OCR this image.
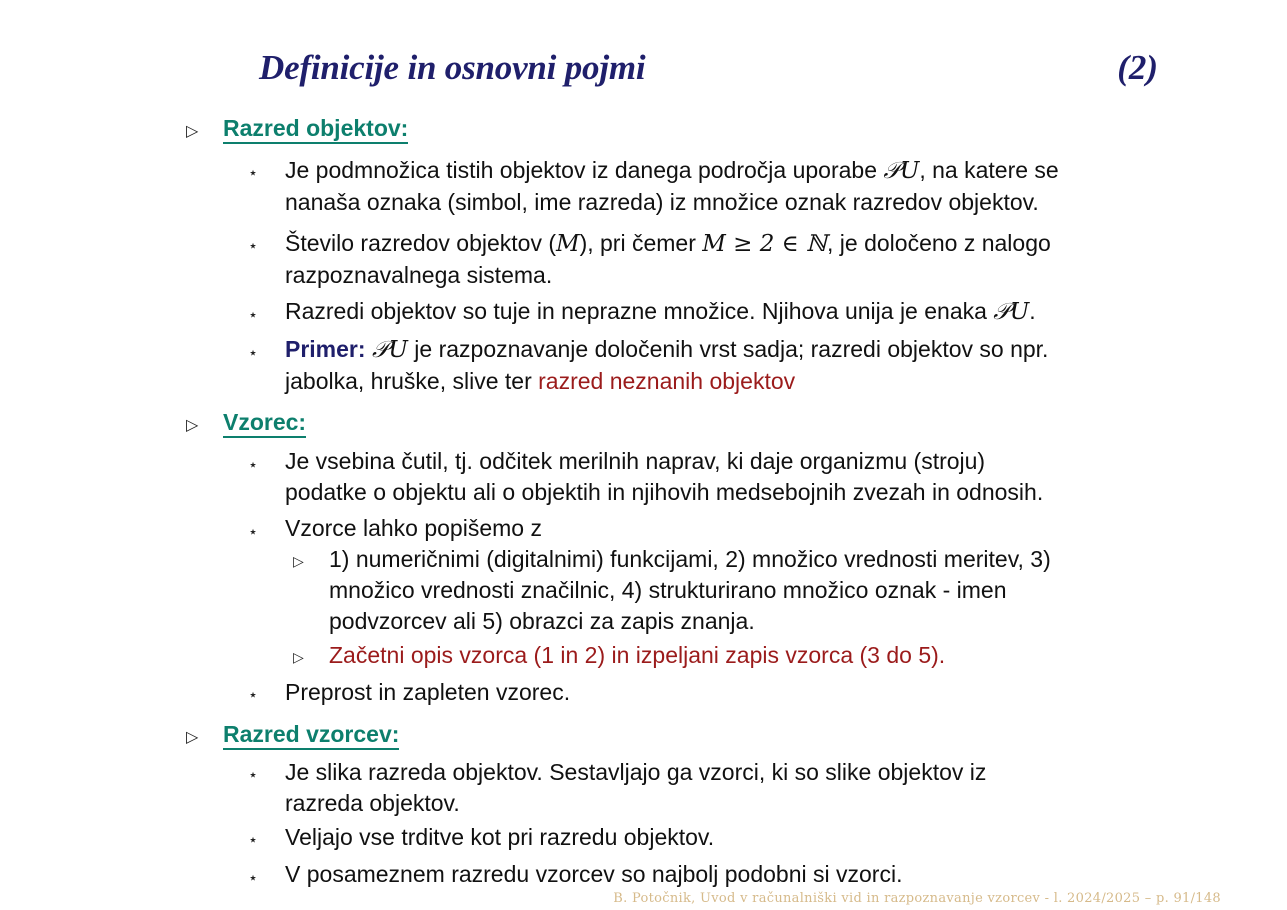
Definicije in osnovni pojmi	(2)
▷ Razred objektov:
⋆ Je podmnožica tistih objektov iz danega področja uporabe 𝒫U, na katere se
nanaša oznaka (simbol, ime razreda) iz množice oznak razredov objektov.
⋆ Število razredov objektov (M), pri čemer M ≥ 2 ∈ ℕ, je določeno z nalogo
razpoznavalnega sistema.
⋆ Razredi objektov so tuje in neprazne množice. Njihova unija je enaka 𝒫U.
⋆ Primer: 𝒫U je razpoznavanje določenih vrst sadja; razredi objektov so npr.
jabolka, hruške, slive ter razred neznanih objektov
▷ Vzorec:
⋆ Je vsebina čutil, tj. odčitek merilnih naprav, ki daje organizmu (stroju)
podatke o objektu ali o objektih in njihovih medsebojnih zvezah in odnosih.
⋆ Vzorce lahko popišemo z
▷ 1) numeričnimi (digitalnimi) funkcijami, 2) množico vrednosti meritev, 3)
množico vrednosti značilnic, 4) strukturirano množico oznak - imen
podvzorcev ali 5) obrazci za zapis znanja.
▷ Začetni opis vzorca (1 in 2) in izpeljani zapis vzorca (3 do 5).
⋆ Preprost in zapleten vzorec.
▷ Razred vzorcev:
⋆ Je slika razreda objektov. Sestavljajo ga vzorci, ki so slike objektov iz
razreda objektov.
⋆ Veljajo vse trditve kot pri razredu objektov.
⋆ V posameznem razredu vzorcev so najbolj podobni si vzorci.
B. Potočnik, Uvod v računalniški vid in razpoznavanje vzorcev - l. 2024/2025 – p. 91/148
